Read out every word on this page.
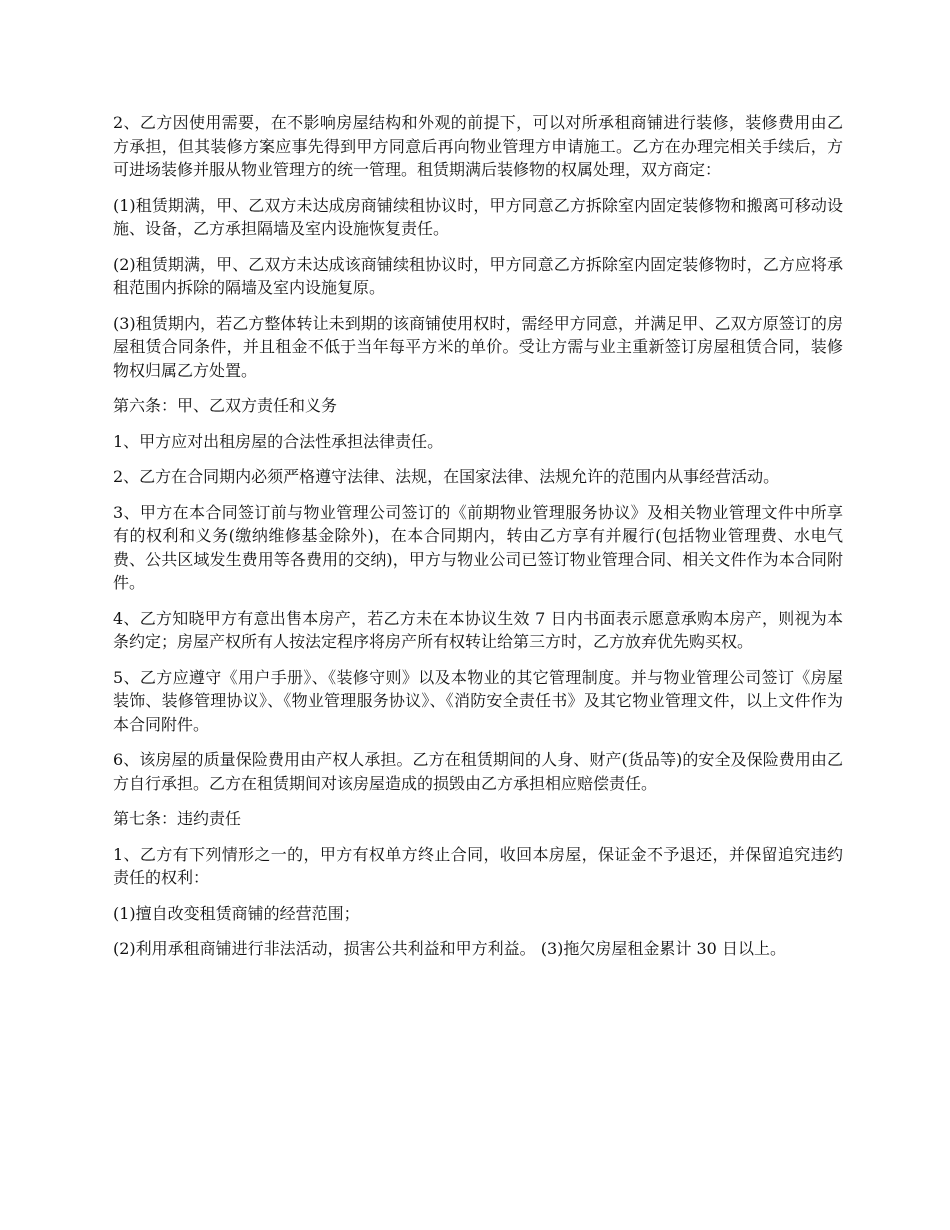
2、乙方因使用需要，在不影响房屋结构和外观的前提下，可以对所承租商铺进行装修，装修费用由乙方承担，但其装修方案应事先得到甲方同意后再向物业管理方申请施工。乙方在办理完相关手续后，方可进场装修并服从物业管理方的统一管理。租赁期满后装修物的权属处理，双方商定：

(1)租赁期满，甲、乙双方未达成房商铺续租协议时，甲方同意乙方拆除室内固定装修物和搬离可移动设施、设备，乙方承担隔墙及室内设施恢复责任。

(2)租赁期满，甲、乙双方未达成该商铺续租协议时，甲方同意乙方拆除室内固定装修物时，乙方应将承租范围内拆除的隔墙及室内设施复原。

(3)租赁期内，若乙方整体转让未到期的该商铺使用权时，需经甲方同意，并满足甲、乙双方原签订的房屋租赁合同条件，并且租金不低于当年每平方米的单价。受让方需与业主重新签订房屋租赁合同，装修物权归属乙方处置。

第六条：甲、乙双方责任和义务

1、甲方应对出租房屋的合法性承担法律责任。

2、乙方在合同期内必须严格遵守法律、法规，在国家法律、法规允许的范围内从事经营活动。

3、甲方在本合同签订前与物业管理公司签订的《前期物业管理服务协议》及相关物业管理文件中所享有的权利和义务(缴纳维修基金除外)，在本合同期内，转由乙方享有并履行(包括物业管理费、水电气费、公共区域发生费用等各费用的交纳)，甲方与物业公司已签订物业管理合同、相关文件作为本合同附件。

4、乙方知晓甲方有意出售本房产，若乙方未在本协议生效 7 日内书面表示愿意承购本房产，则视为本条约定；房屋产权所有人按法定程序将房产所有权转让给第三方时，乙方放弃优先购买权。

5、乙方应遵守《用户手册》、《装修守则》以及本物业的其它管理制度。并与物业管理公司签订《房屋装饰、装修管理协议》、《物业管理服务协议》、《消防安全责任书》及其它物业管理文件，以上文件作为本合同附件。

6、该房屋的质量保险费用由产权人承担。乙方在租赁期间的人身、财产(货品等)的安全及保险费用由乙方自行承担。乙方在租赁期间对该房屋造成的损毁由乙方承担相应赔偿责任。

第七条：违约责任

1、乙方有下列情形之一的，甲方有权单方终止合同，收回本房屋，保证金不予退还，并保留追究违约责任的权利：

(1)擅自改变租赁商铺的经营范围；

(2)利用承租商铺进行非法活动，损害公共利益和甲方利益。 (3)拖欠房屋租金累计 30 日以上。
